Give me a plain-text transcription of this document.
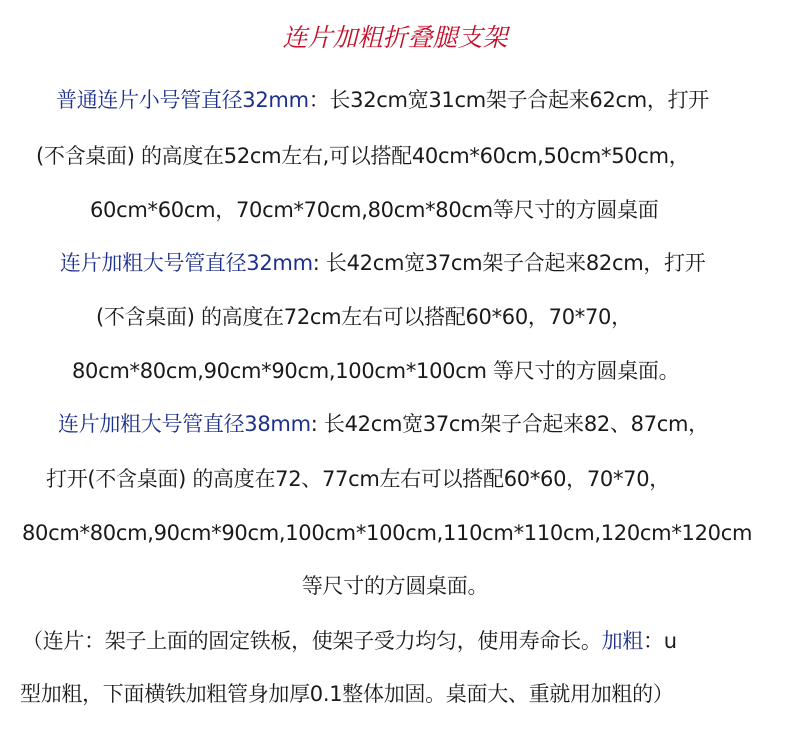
连片加粗折叠腿支架
普通连片小号管直径32mm：长32cm宽31cm架子合起来62cm，打开
(不含桌面) 的高度在52cm左右,可以搭配40cm*60cm,50cm*50cm，
60cm*60cm，70cm*70cm,80cm*80cm等尺寸的方圆桌面
连片加粗大号管直径32mm: 长42cm宽37cm架子合起来82cm，打开
(不含桌面) 的高度在72cm左右可以搭配60*60，70*70，
80cm*80cm,90cm*90cm,100cm*100cm 等尺寸的方圆桌面。
连片加粗大号管直径38mm: 长42cm宽37cm架子合起来82、87cm，
打开(不含桌面) 的高度在72、77cm左右可以搭配60*60，70*70，
80cm*80cm,90cm*90cm,100cm*100cm,110cm*110cm,120cm*120cm
等尺寸的方圆桌面。
（连片：架子上面的固定铁板，使架子受力均匀，使用寿命长。加粗：u
型加粗，下面横铁加粗管身加厚0.1整体加固。桌面大、重就用加粗的）
